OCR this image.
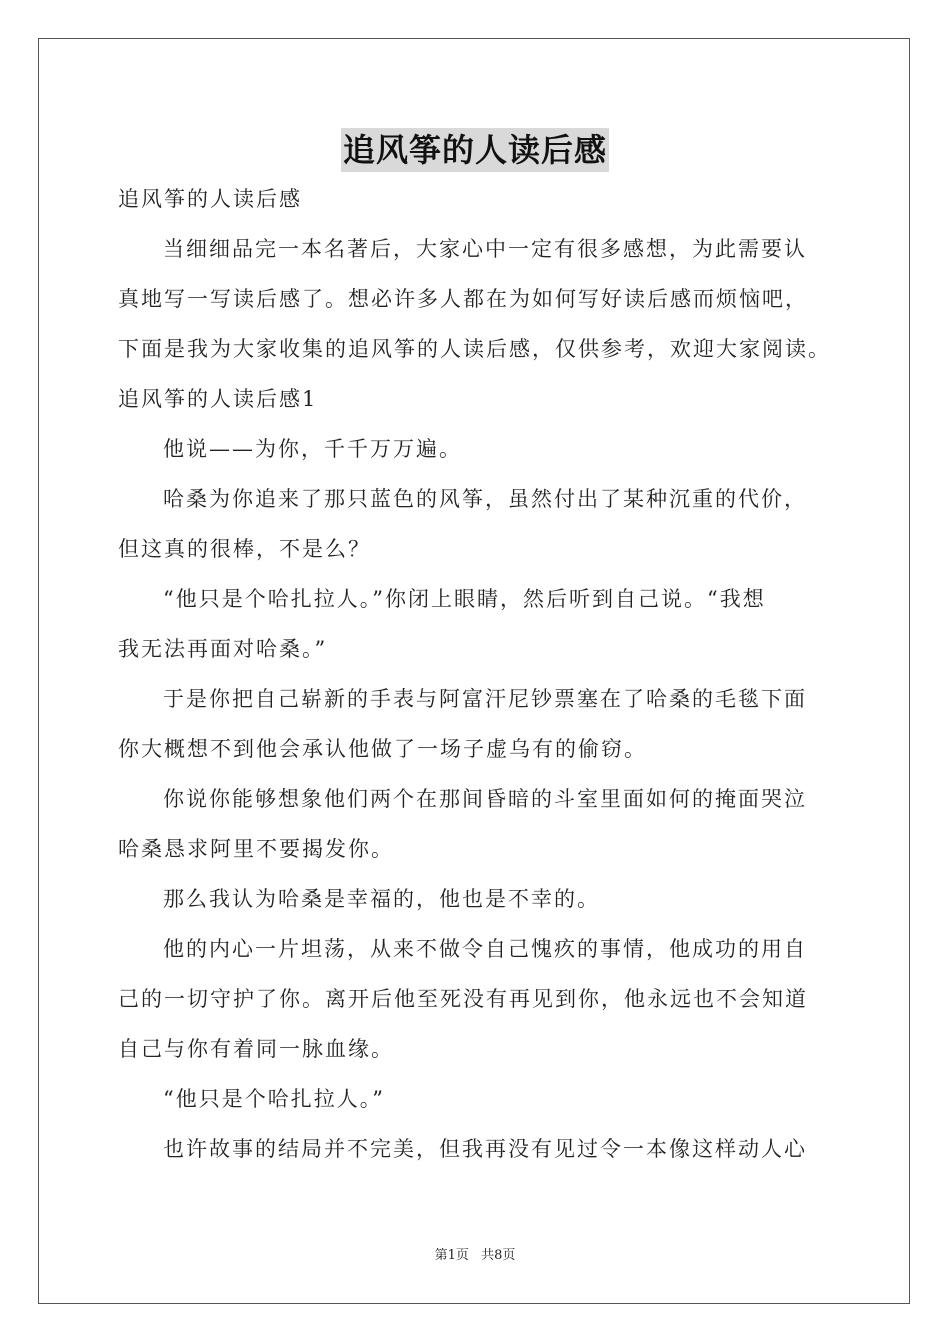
追风筝的人读后感
追风筝的人读后感
当细细品完一本名著后，大家心中一定有很多感想，为此需要认
真地写一写读后感了。想必许多人都在为如何写好读后感而烦恼吧，
下面是我为大家收集的追风筝的人读后感，仅供参考，欢迎大家阅读。
追风筝的人读后感1
他说——为你，千千万万遍。
哈桑为你追来了那只蓝色的风筝，虽然付出了某种沉重的代价，
但这真的很棒，不是么？
“他只是个哈扎拉人。”你闭上眼睛，然后听到自己说。“我想
我无法再面对哈桑。”
于是你把自己崭新的手表与阿富汗尼钞票塞在了哈桑的毛毯下面
你大概想不到他会承认他做了一场子虚乌有的偷窃。
你说你能够想象他们两个在那间昏暗的斗室里面如何的掩面哭泣
哈桑恳求阿里不要揭发你。
那么我认为哈桑是幸福的，他也是不幸的。
他的内心一片坦荡，从来不做令自己愧疚的事情，他成功的用自
己的一切守护了你。离开后他至死没有再见到你，他永远也不会知道
自己与你有着同一脉血缘。
“他只是个哈扎拉人。”
也许故事的结局并不完美，但我再没有见过令一本像这样动人心
第1页 共8页
